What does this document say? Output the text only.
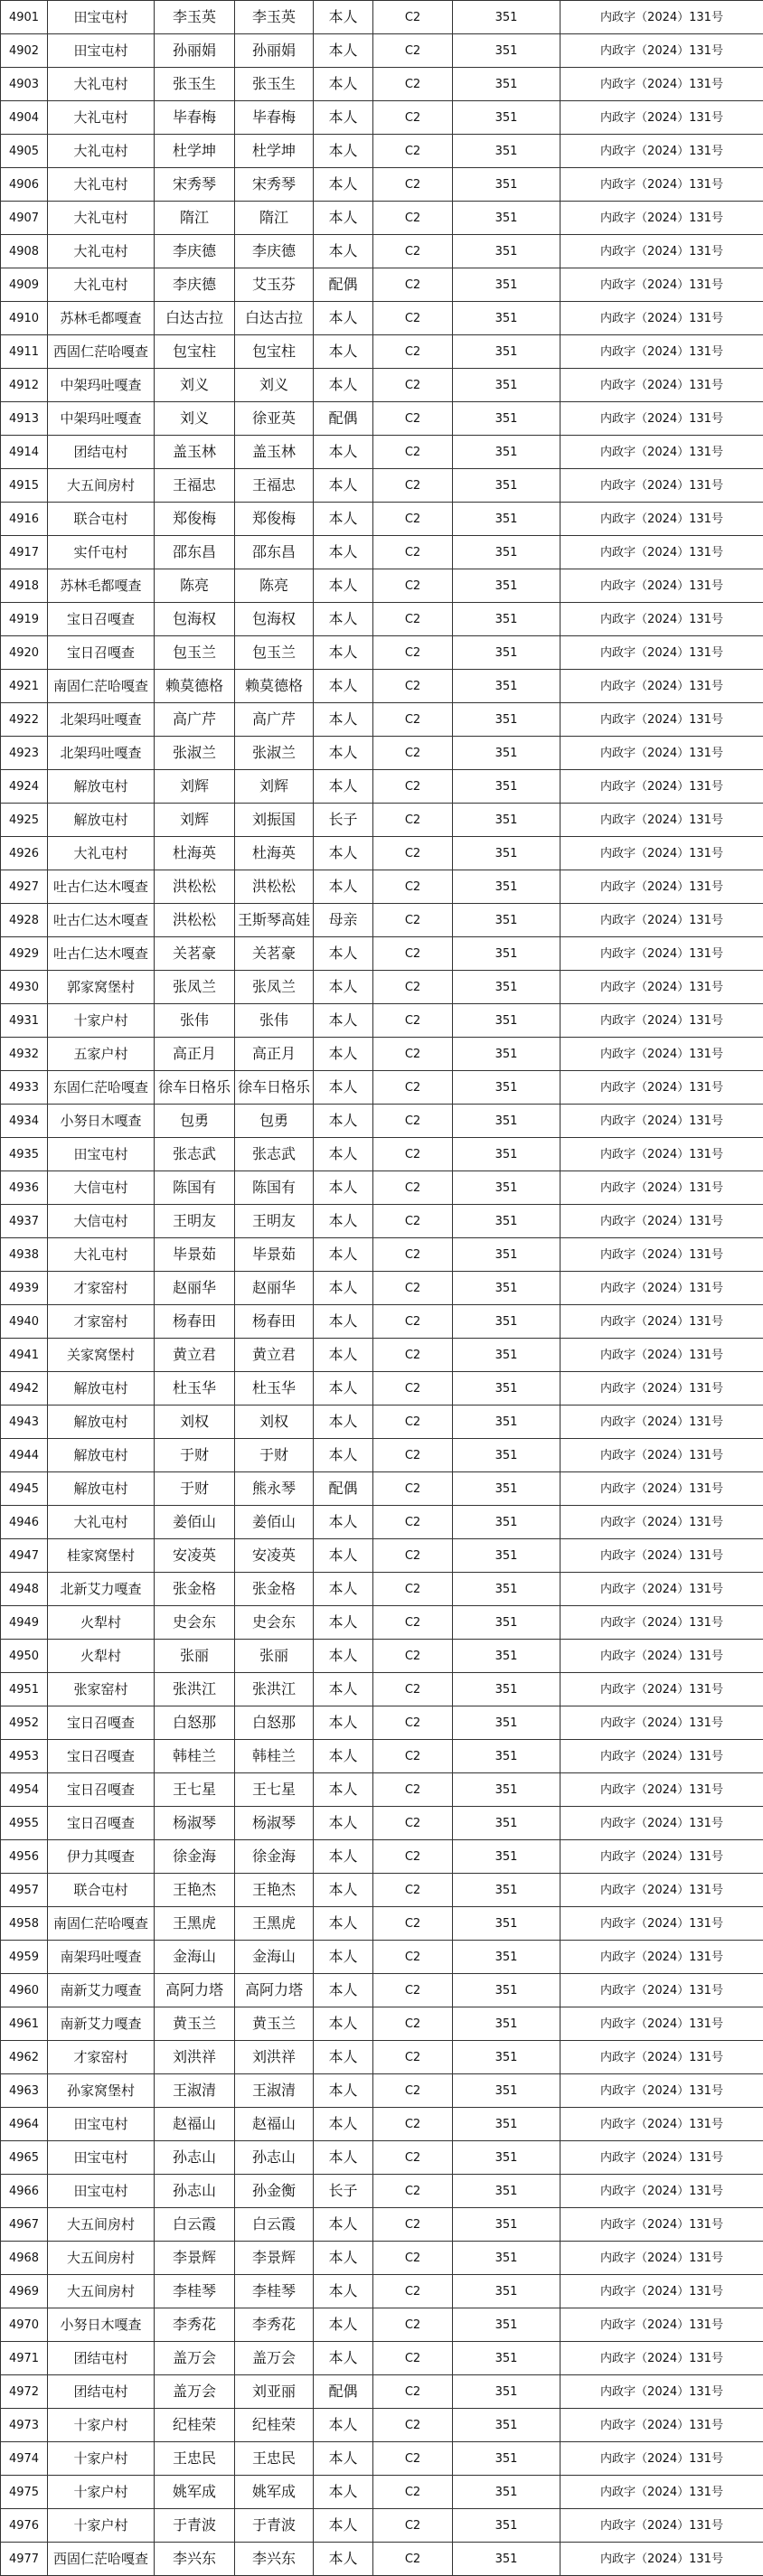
4901	田宝屯村	李玉英	李玉英	本人	C2	351	内政字（2024）131号
4902	田宝屯村	孙丽娟	孙丽娟	本人	C2	351	内政字（2024）131号
4903	大礼屯村	张玉生	张玉生	本人	C2	351	内政字（2024）131号
4904	大礼屯村	毕春梅	毕春梅	本人	C2	351	内政字（2024）131号
4905	大礼屯村	杜学坤	杜学坤	本人	C2	351	内政字（2024）131号
4906	大礼屯村	宋秀琴	宋秀琴	本人	C2	351	内政字（2024）131号
4907	大礼屯村	隋江	隋江	本人	C2	351	内政字（2024）131号
4908	大礼屯村	李庆德	李庆德	本人	C2	351	内政字（2024）131号
4909	大礼屯村	李庆德	艾玉芬	配偶	C2	351	内政字（2024）131号
4910	苏林毛都嘎查	白达古拉	白达古拉	本人	C2	351	内政字（2024）131号
4911	西固仁茫哈嘎查	包宝柱	包宝柱	本人	C2	351	内政字（2024）131号
4912	中架玛吐嘎查	刘义	刘义	本人	C2	351	内政字（2024）131号
4913	中架玛吐嘎查	刘义	徐亚英	配偶	C2	351	内政字（2024）131号
4914	团结屯村	盖玉林	盖玉林	本人	C2	351	内政字（2024）131号
4915	大五间房村	王福忠	王福忠	本人	C2	351	内政字（2024）131号
4916	联合屯村	郑俊梅	郑俊梅	本人	C2	351	内政字（2024）131号
4917	实仟屯村	邵东昌	邵东昌	本人	C2	351	内政字（2024）131号
4918	苏林毛都嘎查	陈亮	陈亮	本人	C2	351	内政字（2024）131号
4919	宝日召嘎查	包海权	包海权	本人	C2	351	内政字（2024）131号
4920	宝日召嘎查	包玉兰	包玉兰	本人	C2	351	内政字（2024）131号
4921	南固仁茫哈嘎查	赖莫德格	赖莫德格	本人	C2	351	内政字（2024）131号
4922	北架玛吐嘎查	高广芹	高广芹	本人	C2	351	内政字（2024）131号
4923	北架玛吐嘎查	张淑兰	张淑兰	本人	C2	351	内政字（2024）131号
4924	解放屯村	刘辉	刘辉	本人	C2	351	内政字（2024）131号
4925	解放屯村	刘辉	刘振国	长子	C2	351	内政字（2024）131号
4926	大礼屯村	杜海英	杜海英	本人	C2	351	内政字（2024）131号
4927	吐古仁达木嘎查	洪松松	洪松松	本人	C2	351	内政字（2024）131号
4928	吐古仁达木嘎查	洪松松	王斯琴高娃	母亲	C2	351	内政字（2024）131号
4929	吐古仁达木嘎查	关茗豪	关茗豪	本人	C2	351	内政字（2024）131号
4930	郭家窝堡村	张凤兰	张凤兰	本人	C2	351	内政字（2024）131号
4931	十家户村	张伟	张伟	本人	C2	351	内政字（2024）131号
4932	五家户村	高正月	高正月	本人	C2	351	内政字（2024）131号
4933	东固仁茫哈嘎查	徐车日格乐	徐车日格乐	本人	C2	351	内政字（2024）131号
4934	小努日木嘎查	包勇	包勇	本人	C2	351	内政字（2024）131号
4935	田宝屯村	张志武	张志武	本人	C2	351	内政字（2024）131号
4936	大信屯村	陈国有	陈国有	本人	C2	351	内政字（2024）131号
4937	大信屯村	王明友	王明友	本人	C2	351	内政字（2024）131号
4938	大礼屯村	毕景茹	毕景茹	本人	C2	351	内政字（2024）131号
4939	才家窑村	赵丽华	赵丽华	本人	C2	351	内政字（2024）131号
4940	才家窑村	杨春田	杨春田	本人	C2	351	内政字（2024）131号
4941	关家窝堡村	黄立君	黄立君	本人	C2	351	内政字（2024）131号
4942	解放屯村	杜玉华	杜玉华	本人	C2	351	内政字（2024）131号
4943	解放屯村	刘权	刘权	本人	C2	351	内政字（2024）131号
4944	解放屯村	于财	于财	本人	C2	351	内政字（2024）131号
4945	解放屯村	于财	熊永琴	配偶	C2	351	内政字（2024）131号
4946	大礼屯村	姜佰山	姜佰山	本人	C2	351	内政字（2024）131号
4947	桂家窝堡村	安凌英	安凌英	本人	C2	351	内政字（2024）131号
4948	北新艾力嘎查	张金格	张金格	本人	C2	351	内政字（2024）131号
4949	火犁村	史会东	史会东	本人	C2	351	内政字（2024）131号
4950	火犁村	张丽	张丽	本人	C2	351	内政字（2024）131号
4951	张家窑村	张洪江	张洪江	本人	C2	351	内政字（2024）131号
4952	宝日召嘎查	白怒那	白怒那	本人	C2	351	内政字（2024）131号
4953	宝日召嘎查	韩桂兰	韩桂兰	本人	C2	351	内政字（2024）131号
4954	宝日召嘎查	王七星	王七星	本人	C2	351	内政字（2024）131号
4955	宝日召嘎查	杨淑琴	杨淑琴	本人	C2	351	内政字（2024）131号
4956	伊力其嘎查	徐金海	徐金海	本人	C2	351	内政字（2024）131号
4957	联合屯村	王艳杰	王艳杰	本人	C2	351	内政字（2024）131号
4958	南固仁茫哈嘎查	王黑虎	王黑虎	本人	C2	351	内政字（2024）131号
4959	南架玛吐嘎查	金海山	金海山	本人	C2	351	内政字（2024）131号
4960	南新艾力嘎查	高阿力塔	高阿力塔	本人	C2	351	内政字（2024）131号
4961	南新艾力嘎查	黄玉兰	黄玉兰	本人	C2	351	内政字（2024）131号
4962	才家窑村	刘洪祥	刘洪祥	本人	C2	351	内政字（2024）131号
4963	孙家窝堡村	王淑清	王淑清	本人	C2	351	内政字（2024）131号
4964	田宝屯村	赵福山	赵福山	本人	C2	351	内政字（2024）131号
4965	田宝屯村	孙志山	孙志山	本人	C2	351	内政字（2024）131号
4966	田宝屯村	孙志山	孙金衡	长子	C2	351	内政字（2024）131号
4967	大五间房村	白云霞	白云霞	本人	C2	351	内政字（2024）131号
4968	大五间房村	李景辉	李景辉	本人	C2	351	内政字（2024）131号
4969	大五间房村	李桂琴	李桂琴	本人	C2	351	内政字（2024）131号
4970	小努日木嘎查	李秀花	李秀花	本人	C2	351	内政字（2024）131号
4971	团结屯村	盖万会	盖万会	本人	C2	351	内政字（2024）131号
4972	团结屯村	盖万会	刘亚丽	配偶	C2	351	内政字（2024）131号
4973	十家户村	纪桂荣	纪桂荣	本人	C2	351	内政字（2024）131号
4974	十家户村	王忠民	王忠民	本人	C2	351	内政字（2024）131号
4975	十家户村	姚军成	姚军成	本人	C2	351	内政字（2024）131号
4976	十家户村	于青波	于青波	本人	C2	351	内政字（2024）131号
4977	西固仁茫哈嘎查	李兴东	李兴东	本人	C2	351	内政字（2024）131号
